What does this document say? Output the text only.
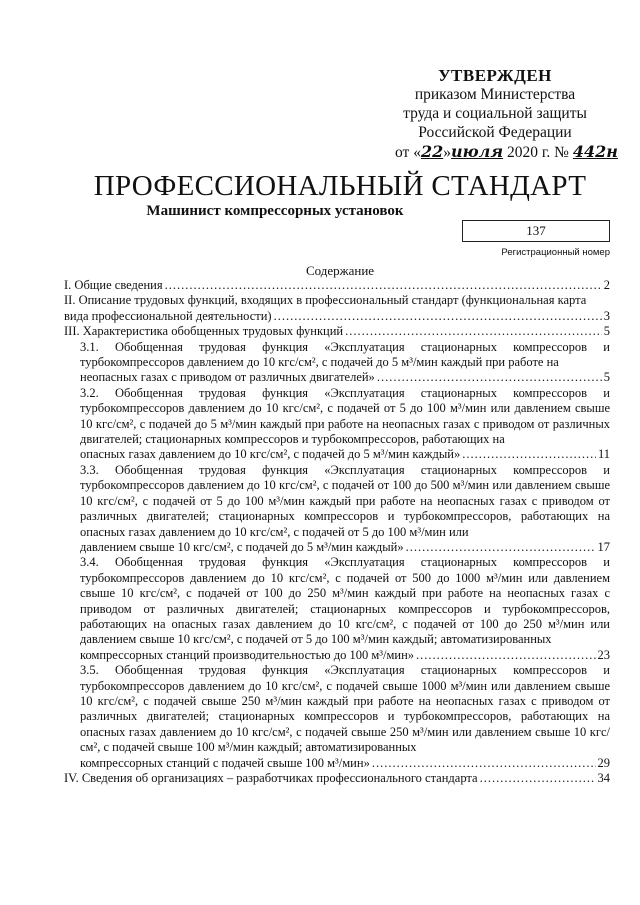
УТВЕРЖДЕН
приказом Министерства
труда и социальной защиты
Российской Федерации
от «22»июля 2020 г. № 442н
ПРОФЕССИОНАЛЬНЫЙ СТАНДАРТ
Машинист компрессорных установок
137
Регистрационный номер
Содержание
I. Общие сведения .....	2

II. Описание трудовых функций, входящих в профессиональный стандарт (функциональная карта

вида профессиональной деятельности) .....	3
III. Характеристика обобщенных трудовых функций .....	5

3.1. Обобщенная трудовая функция «Эксплуатация стационарных компрессоров и турбокомпрессоров давлением до 10 кгс/см², с подачей до 5 м³/мин каждый при работе на

неопасных газах с приводом от различных двигателей» .....	5

3.2. Обобщенная трудовая функция «Эксплуатация стационарных компрессоров и турбокомпрессоров давлением до 10 кгс/см², с подачей от 5 до 100 м³/мин или давлением свыше 10 кгс/см², с подачей до 5 м³/мин каждый при работе на неопасных газах с приводом от различных двигателей; стационарных компрессоров и турбокомпрессоров, работающих на

опасных газах давлением до 10 кгс/см², с подачей до 5 м³/мин каждый» .....	11

3.3. Обобщенная трудовая функция «Эксплуатация стационарных компрессоров и турбокомпрессоров давлением до 10 кгс/см², с подачей от 100 до 500 м³/мин или давлением свыше 10 кгс/см², с подачей от 5 до 100 м³/мин каждый при работе на неопасных газах с приводом от различных двигателей; стационарных компрессоров и турбокомпрессоров, работающих на опасных газах давлением до 10 кгс/см², с подачей от 5 до 100 м³/мин или

давлением свыше 10 кгс/см², с подачей до 5 м³/мин каждый» .....	17

3.4. Обобщенная трудовая функция «Эксплуатация стационарных компрессоров и турбокомпрессоров давлением до 10 кгс/см², с подачей от 500 до 1000 м³/мин или давлением свыше 10 кгс/см², с подачей от 100 до 250 м³/мин каждый при работе на неопасных газах с приводом от различных двигателей; стационарных компрессоров и турбокомпрессоров, работающих на опасных газах давлением до 10 кгс/см², с подачей от 100 до 250 м³/мин или давлением свыше 10 кгс/см², с подачей от 5 до 100 м³/мин каждый; автоматизированных

компрессорных станций производительностью до 100 м³/мин» .....	23

3.5. Обобщенная трудовая функция «Эксплуатация стационарных компрессоров и турбокомпрессоров давлением до 10 кгс/см², с подачей свыше 1000 м³/мин или давлением свыше 10 кгс/см², с подачей свыше 250 м³/мин каждый при работе на неопасных газах с приводом от различных двигателей; стационарных компрессоров и турбокомпрессоров, работающих на опасных газах давлением до 10 кгс/см², с подачей свыше 250 м³/мин или давлением свыше 10 кгс/см², с подачей свыше 100 м³/мин каждый; автоматизированных

компрессорных станций с подачей свыше 100 м³/мин» .....	29
IV. Сведения об организациях – разработчиках профессионального стандарта .....	34
